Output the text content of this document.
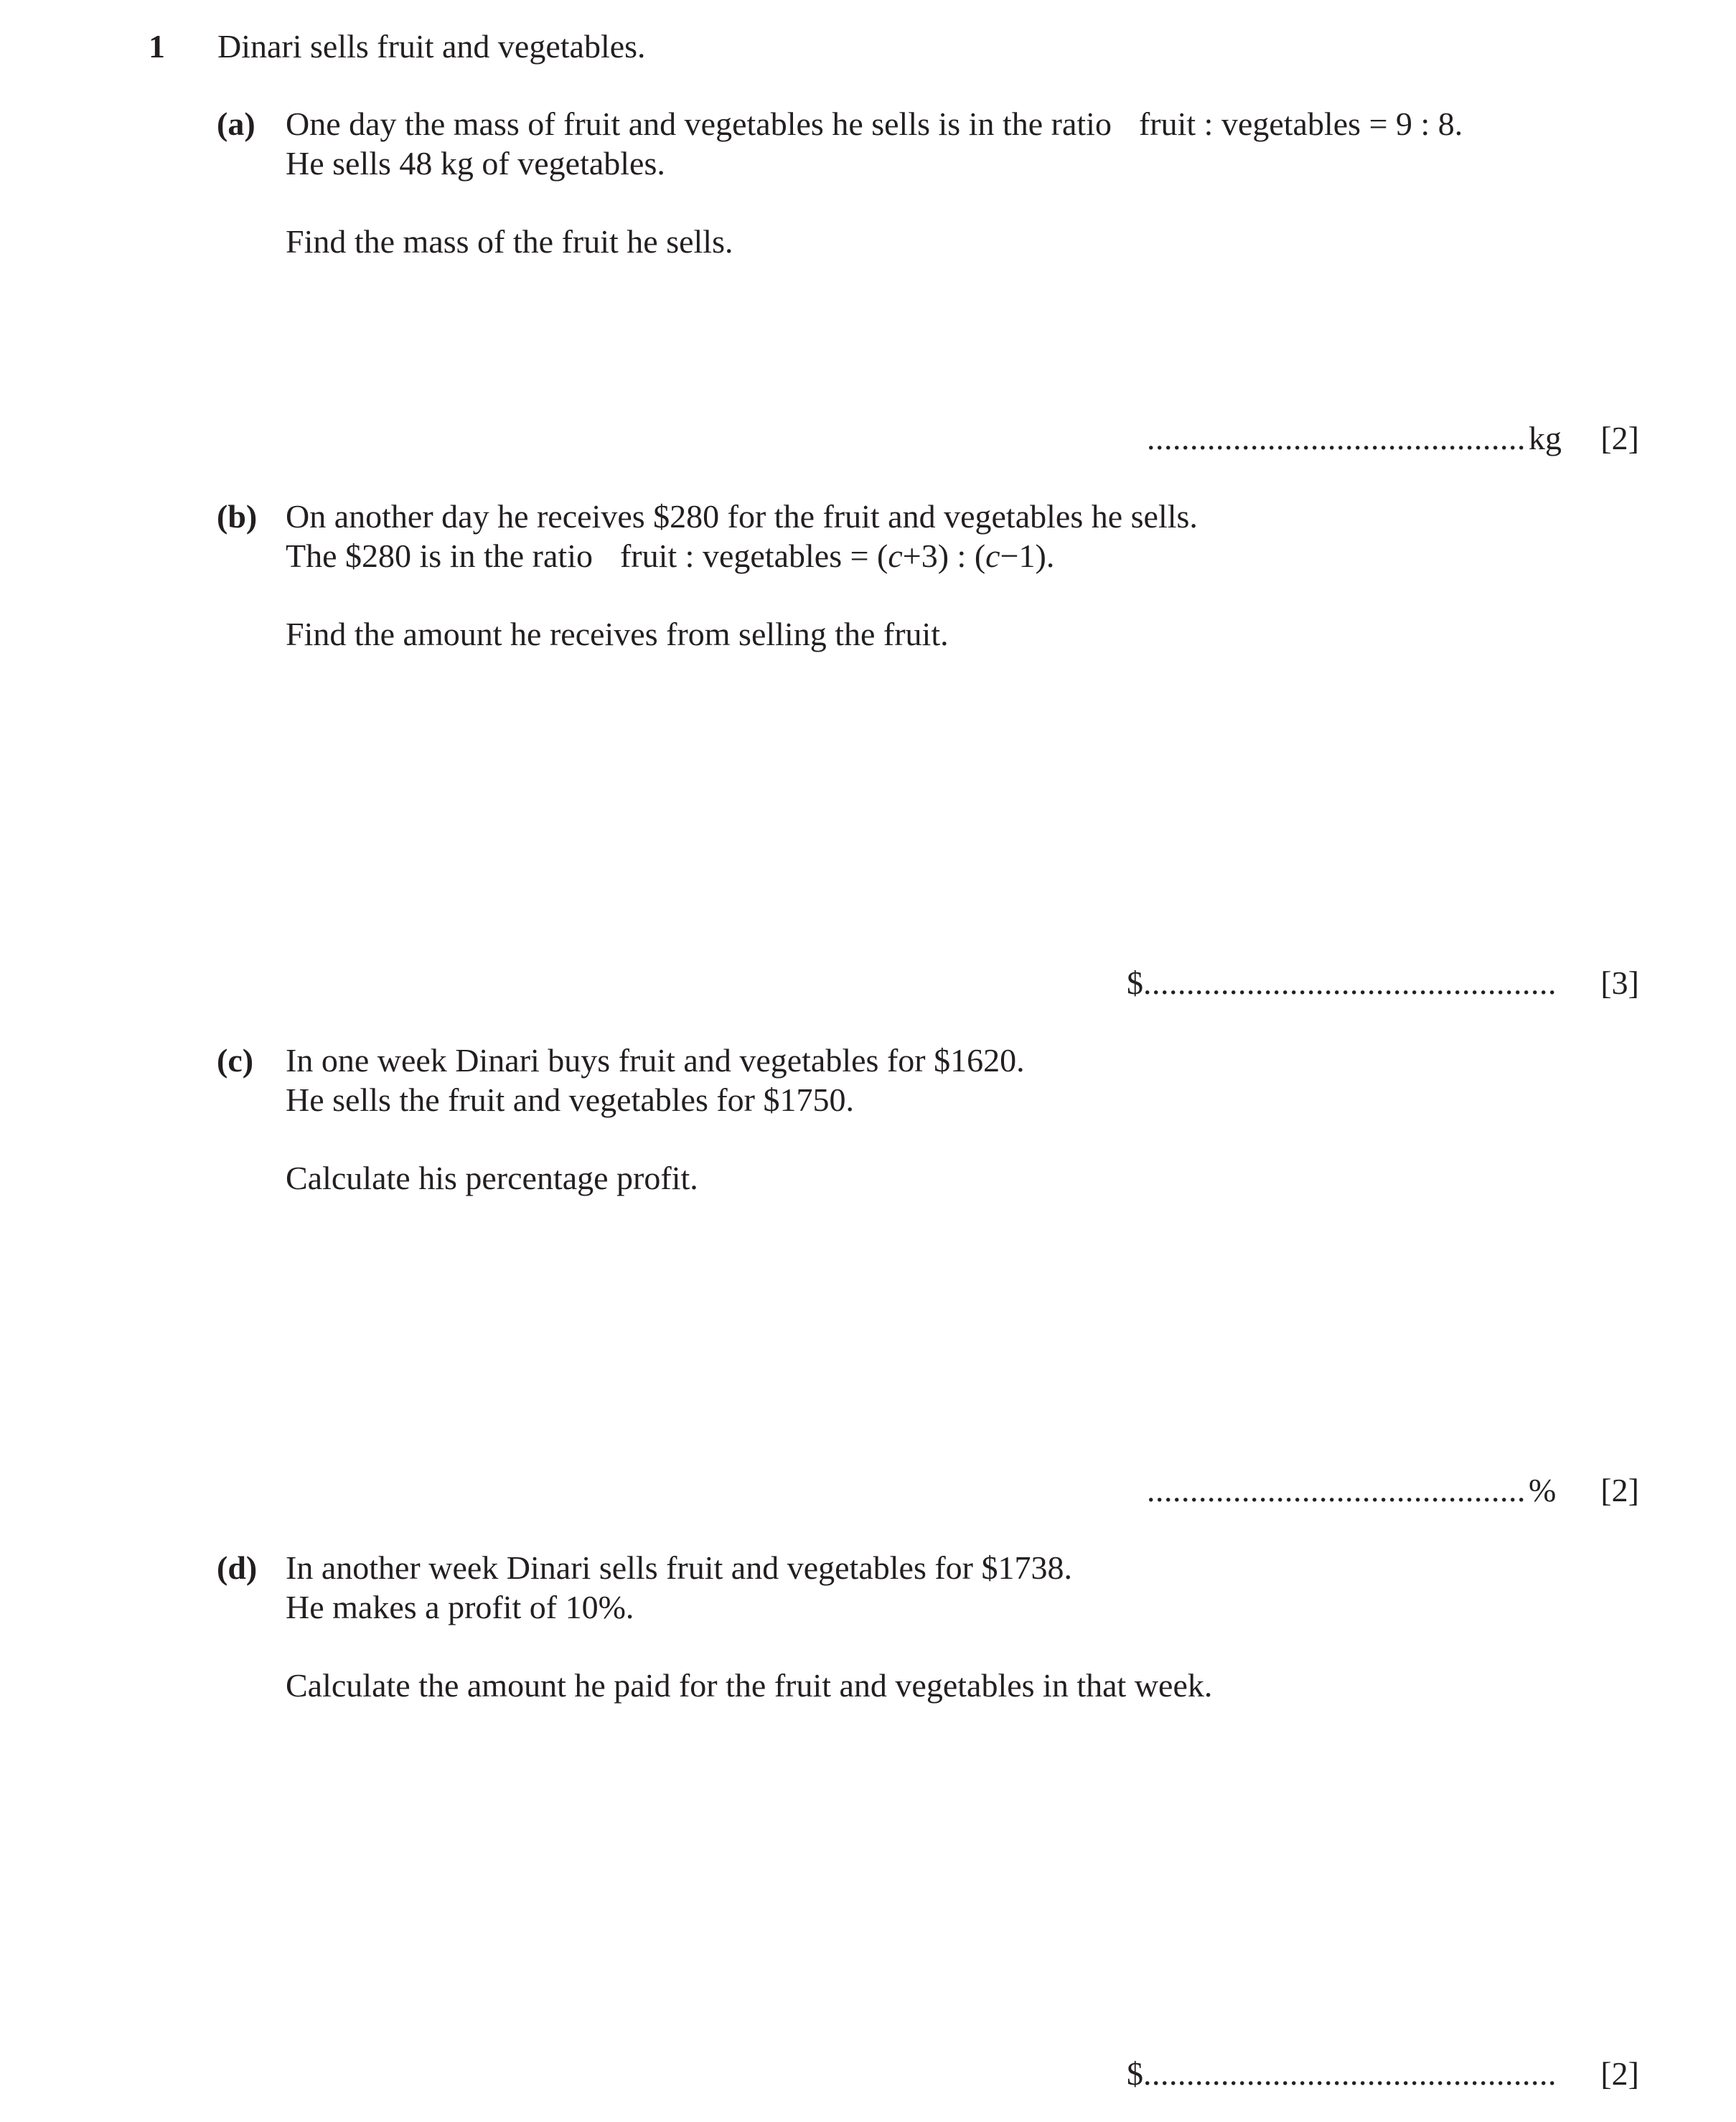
1 Dinari sells fruit and vegetables.
(a) One day the mass of fruit and vegetables he sells is in the ratio fruit : vegetables = 9 : 8.
He sells 48 kg of vegetables.
Find the mass of the fruit he sells.
............................................kg [2]
(b) On another day he receives $280 for the fruit and vegetables he sells.
The $280 is in the ratio fruit : vegetables = (c+3) : (c−1).
Find the amount he receives from selling the fruit.
$................................................ [3]
(c) In one week Dinari buys fruit and vegetables for $1620.
He sells the fruit and vegetables for $1750.
Calculate his percentage profit.
............................................% [2]
(d) In another week Dinari sells fruit and vegetables for $1738.
He makes a profit of 10%.
Calculate the amount he paid for the fruit and vegetables in that week.
$................................................ [2]
